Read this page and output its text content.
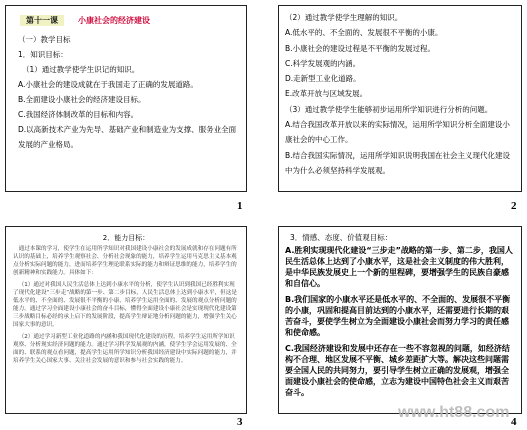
第十一课	小康社会的经济建设
（一）教学目标
1．知识目标：
（1）通过教学使学生识记的知识。
A.小康社会的建设成就在于我国走了正确的发展道路。
B.全面建设小康社会的经济建设目标。
C.我国经济体制改革的目标和内容。
D.以高新技术产业为先导、基础产业和制造业为支撑、服务业全面发展的产业格局。
1
（2）通过教学使学生理解的知识。
A.低水平的、不全面的、发展很不平衡的小康。
B.小康社会的建设过程是不平衡的发展过程。
C.科学发展观的内涵。
D.走新型工业化道路。
E.改革开放与区域发展。
（3）通过教学使学生能够初步运用所学知识进行分析的问题。
A.结合我国改革开放以来的实际情况，运用所学知识分析全面建设小康社会的中心工作。
B.结合我国实际情况，运用所学知识说明我国在社会主义现代化建设中为什么必须坚持科学发展观。
2
2．能力目标：

通过本课的学习，使学生在运用所学知识对我国建设小康社会的发展成就和存在问题有所认识的基础上，培养学生观察社会、分析社会现象的能力，培养学生运用马克思主义基本观点分析实际问题的能力，进而培养学生理论联系实际的能力和辩证思维的能力，培养学生的创新精神和实践能力。具体如下：

（1）通过对我国人民生活总体上达到小康水平的分析，使学生认识到我国已经胜利实现了现代化建设“三步走”战略的第一步、第二步目标，人民生活总体上达到小康水平，但这是低水平的、不全面的、发展很不平衡的小康，培养学生运用全面的、发展的观点分析问题的能力。通过学习全面建设小康社会的奋斗目标，懂得全面建设小康社会是实现现代化建设第三步战略目标必经的承上启下的发展阶段，提高学生辩证地分析问题的能力，增强学生关心国家大事的意识。

（2）通过学习新型工业化道路的内涵和我国现代化建设的历程，培养学生运用所学知识观察、分析现实经济问题的能力。通过学习科学发展观的内涵，使学生学会运用发展的、全面的、联系的观点看问题，提高学生运用所学知识分析我国经济建设中实际问题的能力，并培养学生关心国家大事、关注社会发展的意识和参与社会实践的能力。

3
3．情感、态度、价值观目标：

A.胜利实现现代化建设“三步走”战略的第一步、第二步，我国人民生活总体上达到了小康水平，这是社会主义制度的伟大胜利，是中华民族发展史上一个新的里程碑，要增强学生的民族自豪感和自信心。

B.我们国家的小康水平还是低水平的、不全面的、发展很不平衡的小康，巩固和提高目前达到的小康水平，还需要进行长期的艰苦奋斗，要使学生树立为全面建设小康社会而努力学习的责任感和使命感。

C.我国经济建设和发展中还存在一些不容忽视的问题，如经济结构不合理、地区发展不平衡、城乡差距扩大等。解决这些问题需要全国人民的共同努力，要引导学生树立正确的发展观，增强全面建设小康社会的使命感，立志为建设中国特色社会主义而艰苦奋斗。

4
www.ht88.com
